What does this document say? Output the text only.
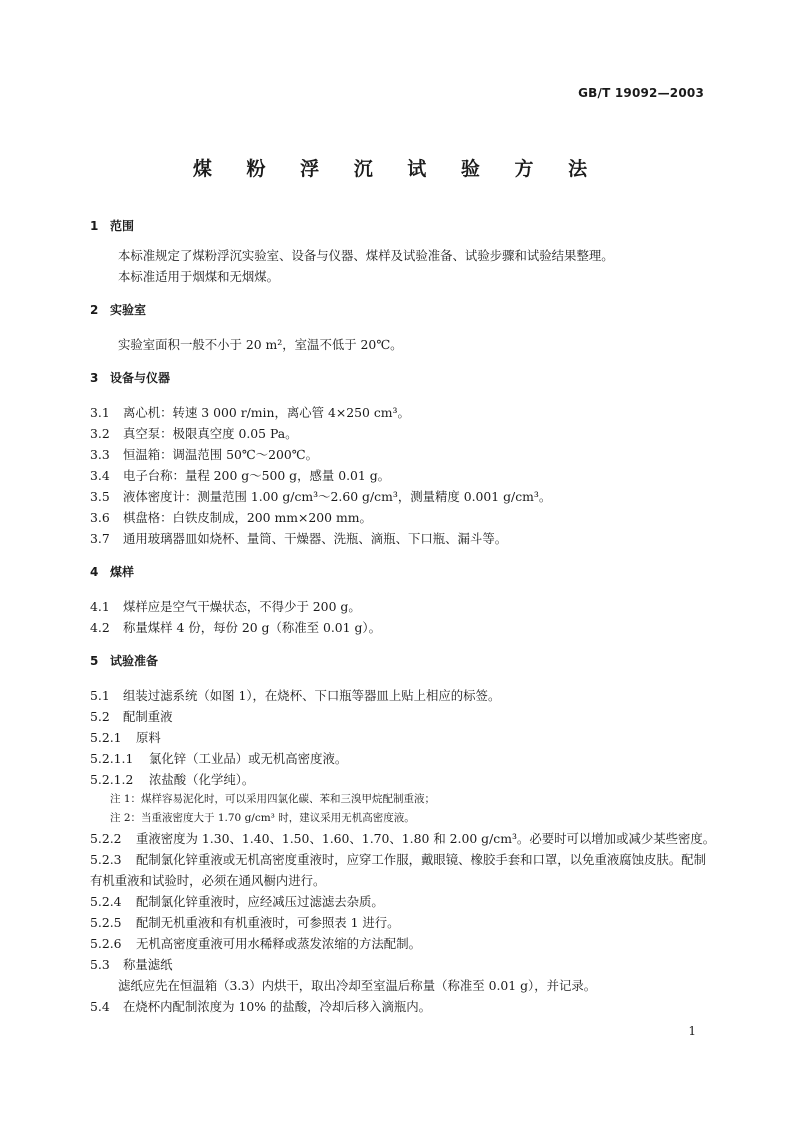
GB/T 19092—2003
煤 粉 浮 沉 试 验 方 法
1 范围
本标准规定了煤粉浮沉实验室、设备与仪器、煤样及试验准备、试验步骤和试验结果整理。
本标准适用于烟煤和无烟煤。
2 实验室
实验室面积一般不小于 20 m²，室温不低于 20℃。
3 设备与仪器
3.1 离心机：转速 3 000 r/min，离心管 4×250 cm³。
3.2 真空泵：极限真空度 0.05 Pa。
3.3 恒温箱：调温范围 50℃～200℃。
3.4 电子台称：量程 200 g～500 g，感量 0.01 g。
3.5 液体密度计：测量范围 1.00 g/cm³～2.60 g/cm³，测量精度 0.001 g/cm³。
3.6 棋盘格：白铁皮制成，200 mm×200 mm。
3.7 通用玻璃器皿如烧杯、量筒、干燥器、洗瓶、滴瓶、下口瓶、漏斗等。
4 煤样
4.1 煤样应是空气干燥状态，不得少于 200 g。
4.2 称量煤样 4 份，每份 20 g（称准至 0.01 g）。
5 试验准备
5.1 组装过滤系统（如图 1），在烧杯、下口瓶等器皿上贴上相应的标签。
5.2 配制重液
5.2.1 原料
5.2.1.1 氯化锌（工业品）或无机高密度液。
5.2.1.2 浓盐酸（化学纯）。
注 1：煤样容易泥化时，可以采用四氯化碳、苯和三溴甲烷配制重液；
注 2：当重液密度大于 1.70 g/cm³ 时，建议采用无机高密度液。
5.2.2 重液密度为 1.30、1.40、1.50、1.60、1.70、1.80 和 2.00 g/cm³。必要时可以增加或减少某些密度。
5.2.3 配制氯化锌重液或无机高密度重液时，应穿工作服，戴眼镜、橡胶手套和口罩，以免重液腐蚀皮肤。配制有机重液和试验时，必须在通风橱内进行。
5.2.4 配制氯化锌重液时，应经减压过滤滤去杂质。
5.2.5 配制无机重液和有机重液时，可参照表 1 进行。
5.2.6 无机高密度重液可用水稀释或蒸发浓缩的方法配制。
5.3 称量滤纸
滤纸应先在恒温箱（3.3）内烘干，取出冷却至室温后称量（称准至 0.01 g），并记录。
5.4 在烧杯内配制浓度为 10% 的盐酸，冷却后移入滴瓶内。
1
